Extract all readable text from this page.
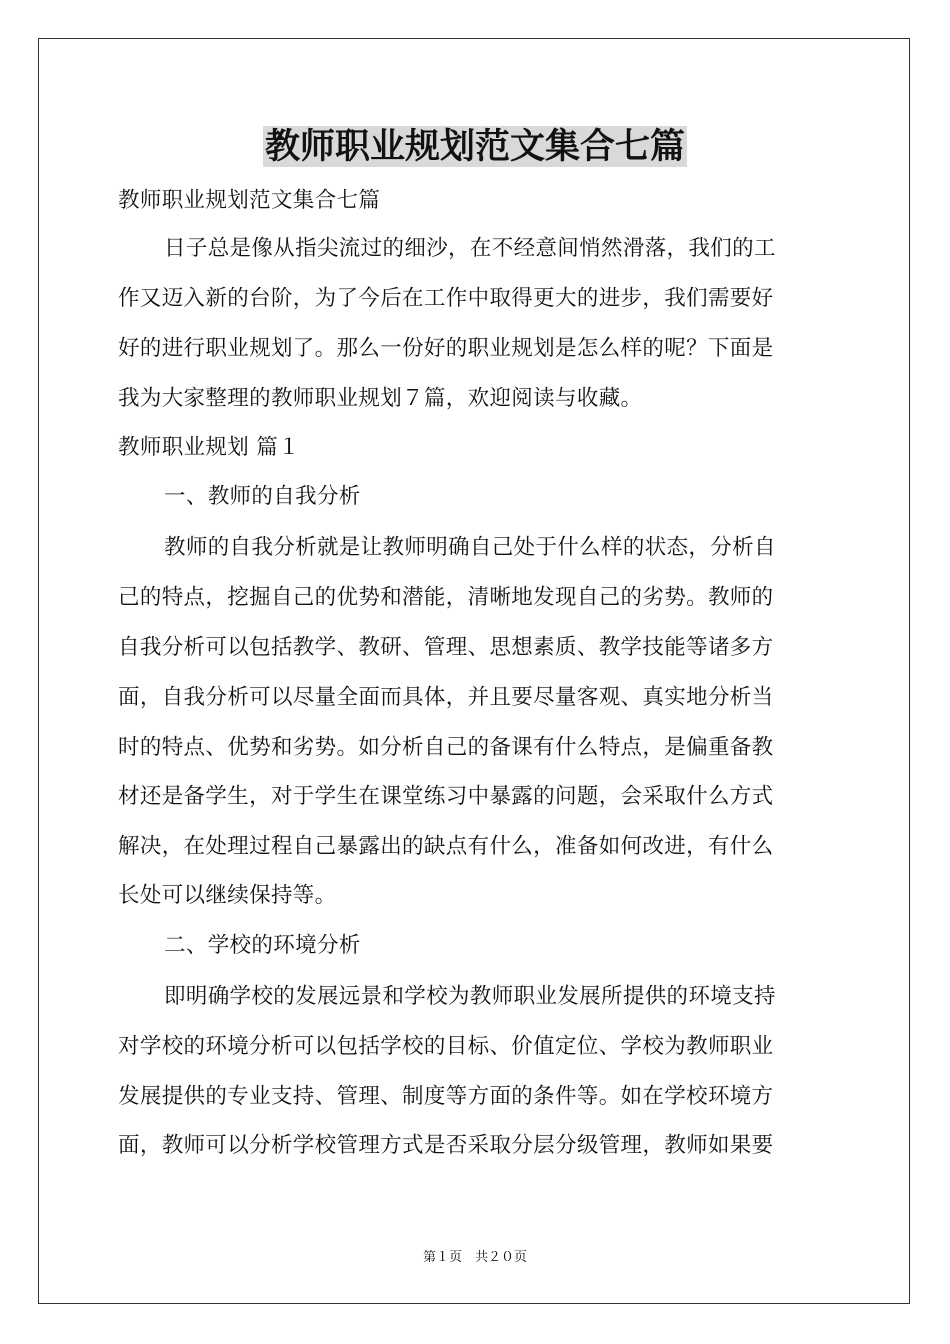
教师职业规划范文集合七篇
教师职业规划范文集合七篇
日子总是像从指尖流过的细沙，在不经意间悄然滑落，我们的工
作又迈入新的台阶，为了今后在工作中取得更大的进步，我们需要好
好的进行职业规划了。那么一份好的职业规划是怎么样的呢？下面是
我为大家整理的教师职业规划７篇，欢迎阅读与收藏。
教师职业规划 篇１
一、教师的自我分析
教师的自我分析就是让教师明确自己处于什么样的状态，分析自
己的特点，挖掘自己的优势和潜能，清晰地发现自己的劣势。教师的
自我分析可以包括教学、教研、管理、思想素质、教学技能等诸多方
面，自我分析可以尽量全面而具体，并且要尽量客观、真实地分析当
时的特点、优势和劣势。如分析自己的备课有什么特点，是偏重备教
材还是备学生，对于学生在课堂练习中暴露的问题，会采取什么方式
解决，在处理过程自己暴露出的缺点有什么，准备如何改进，有什么
长处可以继续保持等。
二、学校的环境分析
即明确学校的发展远景和学校为教师职业发展所提供的环境支持
对学校的环境分析可以包括学校的目标、价值定位、学校为教师职业
发展提供的专业支持、管理、制度等方面的条件等。如在学校环境方
面，教师可以分析学校管理方式是否采取分层分级管理，教师如果要
第１页　共２０页
